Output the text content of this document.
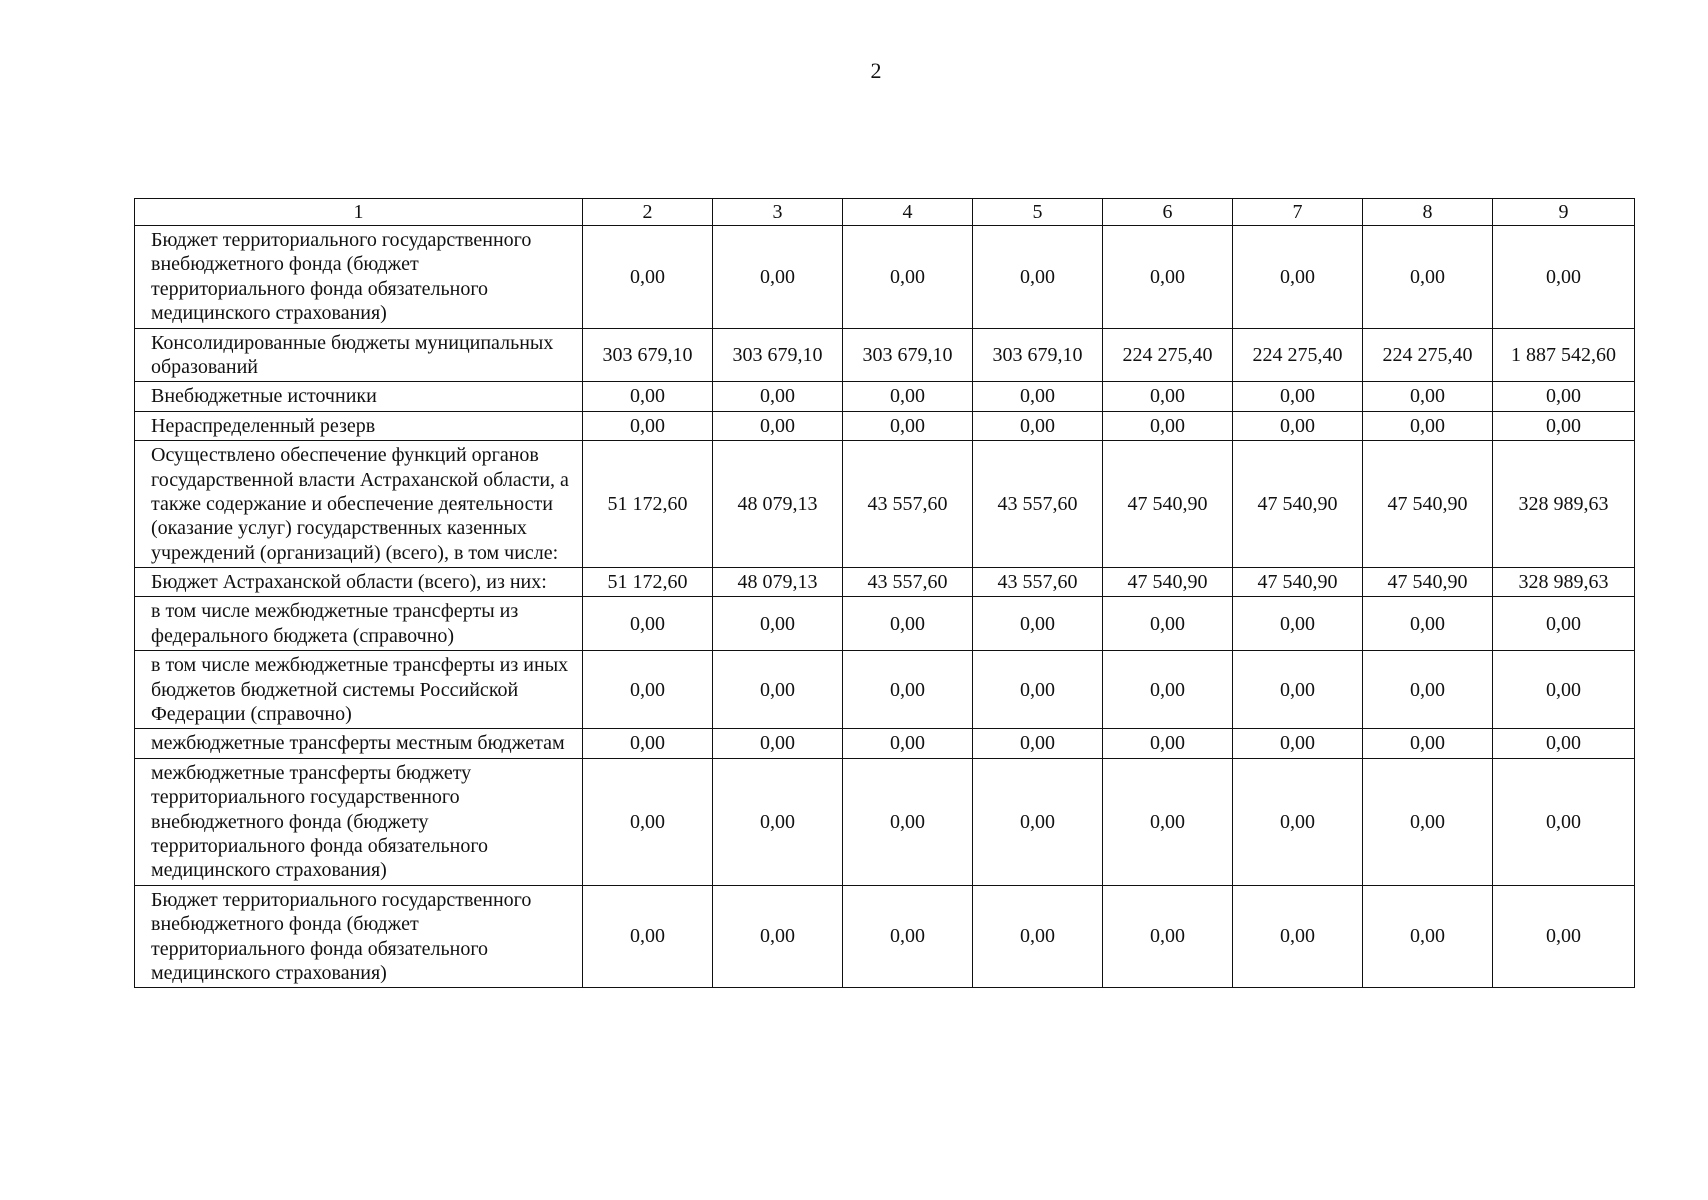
2
1	2	3	4	5	6	7	8	9
Бюджет территориального государственного внебюджетного фонда (бюджет территориального фонда обязательного медицинского страхования)	0,00	0,00	0,00	0,00	0,00	0,00	0,00	0,00
Консолидированные бюджеты муниципальных образований	303 679,10	303 679,10	303 679,10	303 679,10	224 275,40	224 275,40	224 275,40	1 887 542,60
Внебюджетные источники	0,00	0,00	0,00	0,00	0,00	0,00	0,00	0,00
Нераспределенный резерв	0,00	0,00	0,00	0,00	0,00	0,00	0,00	0,00
Осуществлено обеспечение функций органов государственной власти Астраханской области, а также содержание и обеспечение деятельности (оказание услуг) государственных казенных учреждений (организаций) (всего), в том числе:	51 172,60	48 079,13	43 557,60	43 557,60	47 540,90	47 540,90	47 540,90	328 989,63
Бюджет Астраханской области (всего), из них:	51 172,60	48 079,13	43 557,60	43 557,60	47 540,90	47 540,90	47 540,90	328 989,63
в том числе межбюджетные трансферты из федерального бюджета (справочно)	0,00	0,00	0,00	0,00	0,00	0,00	0,00	0,00
в том числе межбюджетные трансферты из иных бюджетов бюджетной системы Российской Федерации (справочно)	0,00	0,00	0,00	0,00	0,00	0,00	0,00	0,00
межбюджетные трансферты местным бюджетам	0,00	0,00	0,00	0,00	0,00	0,00	0,00	0,00
межбюджетные трансферты бюджету территориального государственного внебюджетного фонда (бюджету территориального фонда обязательного медицинского страхования)	0,00	0,00	0,00	0,00	0,00	0,00	0,00	0,00
Бюджет территориального государственного внебюджетного фонда (бюджет территориального фонда обязательного медицинского страхования)	0,00	0,00	0,00	0,00	0,00	0,00	0,00	0,00
